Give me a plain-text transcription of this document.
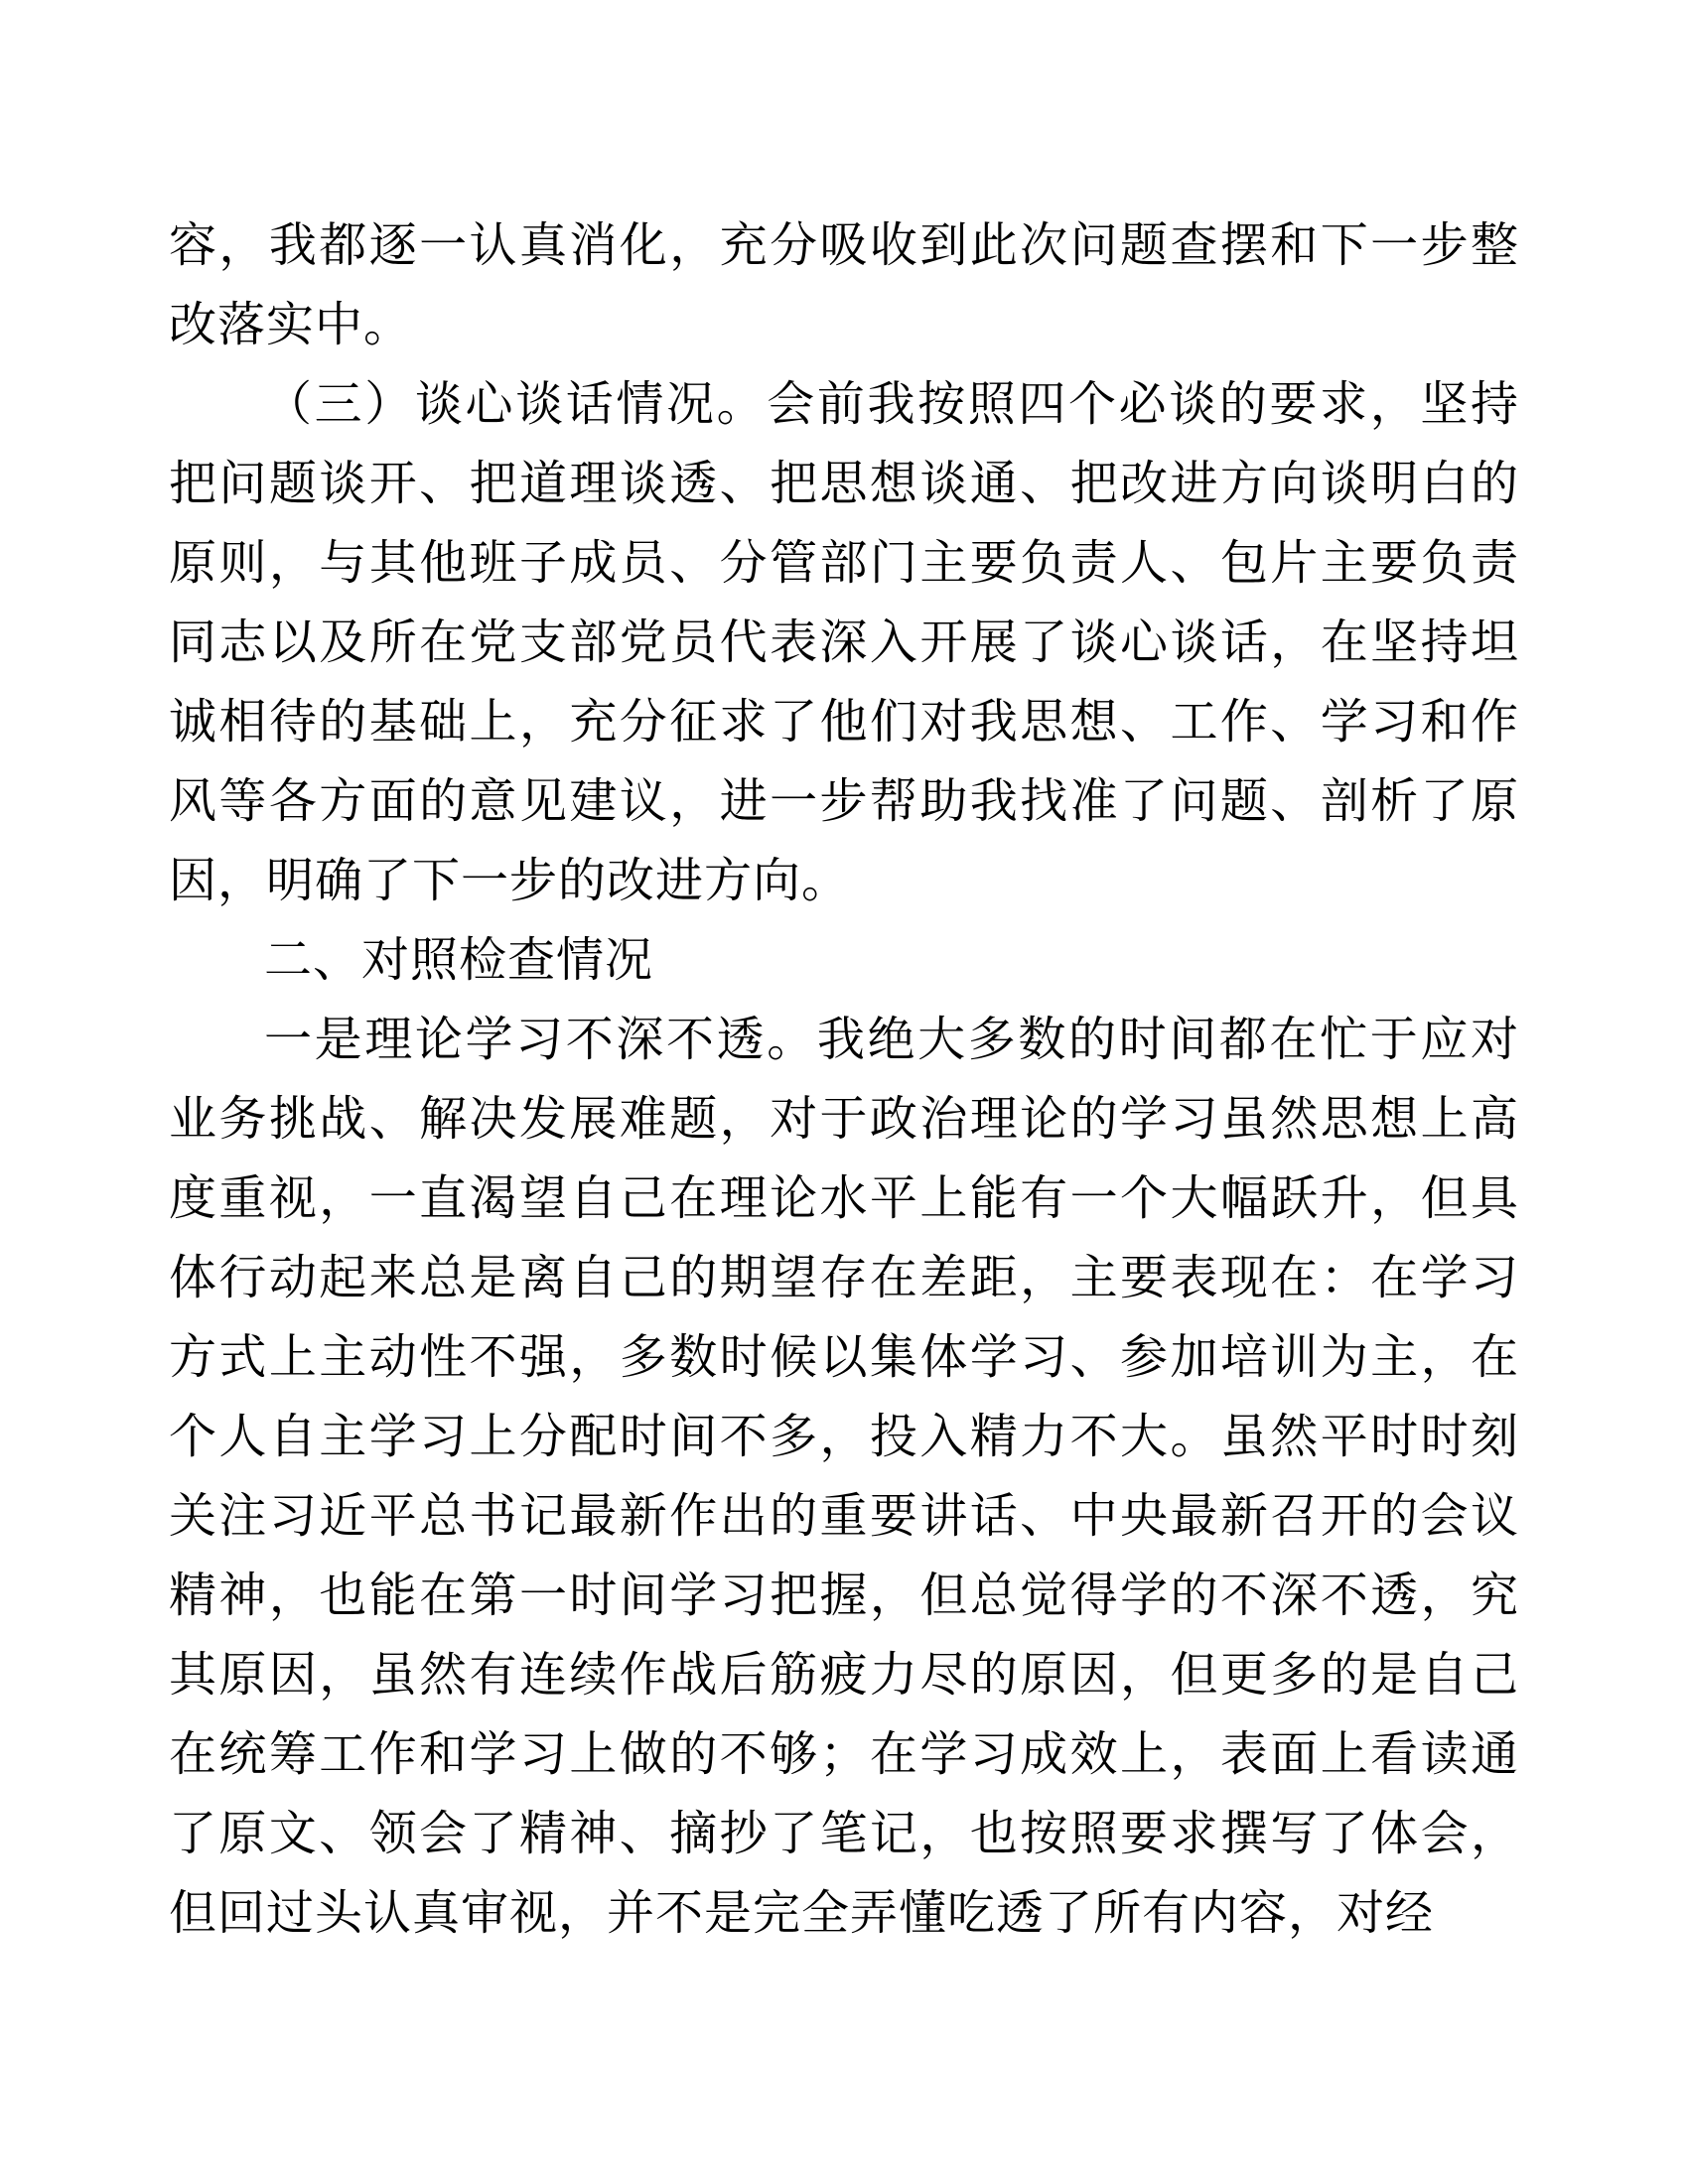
容，我都逐一认真消化，充分吸收到此次问题查摆和下一步整改落实中。

（三）谈心谈话情况。会前我按照四个必谈的要求，坚持把问题谈开、把道理谈透、把思想谈通、把改进方向谈明白的原则，与其他班子成员、分管部门主要负责人、包片主要负责同志以及所在党支部党员代表深入开展了谈心谈话，在坚持坦诚相待的基础上，充分征求了他们对我思想、工作、学习和作风等各方面的意见建议，进一步帮助我找准了问题、剖析了原因，明确了下一步的改进方向。

二、对照检查情况

一是理论学习不深不透。我绝大多数的时间都在忙于应对业务挑战、解决发展难题，对于政治理论的学习虽然思想上高度重视，一直渴望自己在理论水平上能有一个大幅跃升，但具体行动起来总是离自己的期望存在差距，主要表现在：在学习方式上主动性不强，多数时候以集体学习、参加培训为主，在个人自主学习上分配时间不多，投入精力不大。虽然平时时刻关注习近平总书记最新作出的重要讲话、中央最新召开的会议精神，也能在第一时间学习把握，但总觉得学的不深不透，究其原因，虽然有连续作战后筋疲力尽的原因，但更多的是自己在统筹工作和学习上做的不够；在学习成效上，表面上看读通了原文、领会了精神、摘抄了笔记，也按照要求撰写了体会，但回过头认真审视，并不是完全弄懂吃透了所有内容，对经
